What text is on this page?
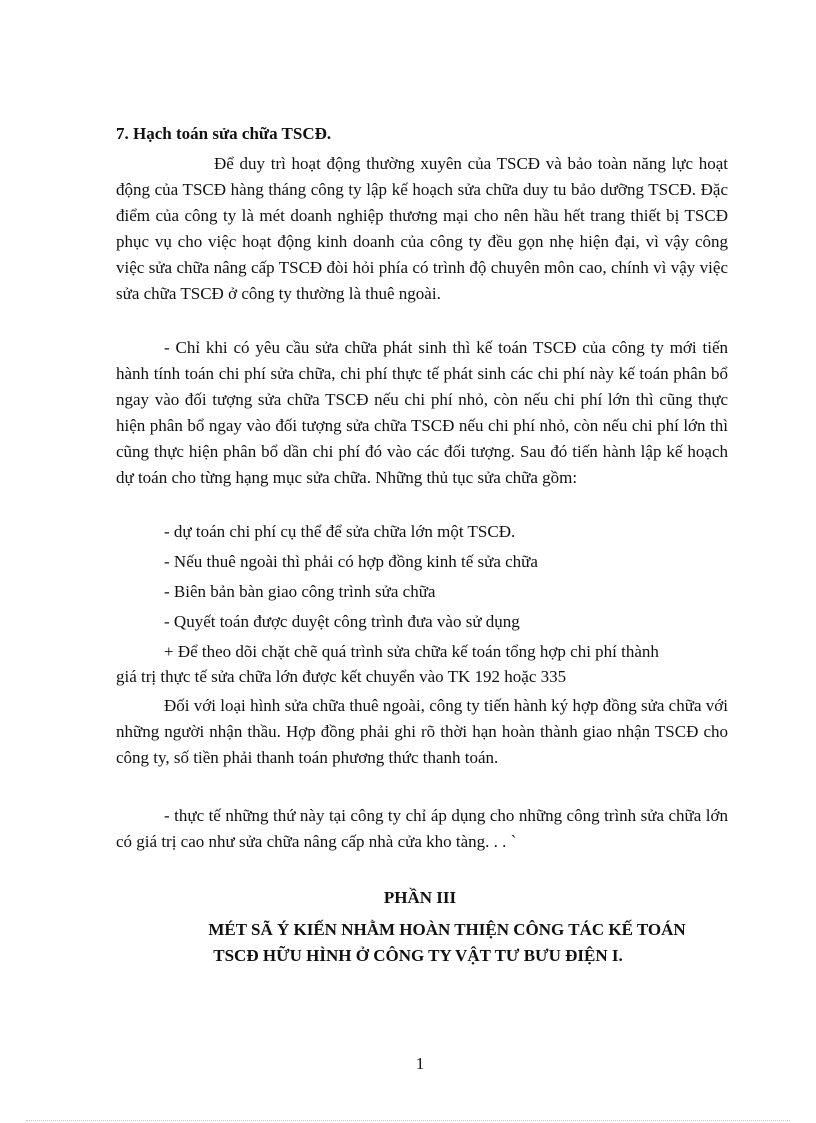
7. Hạch toán sửa chữa TSCĐ.
Để duy trì hoạt động thường xuyên của TSCĐ và bảo toàn năng lực hoạt động của TSCĐ hàng tháng công ty lập kế hoạch sửa chữa duy tu bảo dưỡng TSCĐ. Đặc điểm của công ty là mét doanh nghiệp thương mại cho nên hầu hết trang thiết bị TSCĐ phục vụ cho việc hoạt động kinh doanh của công ty đều gọn nhẹ hiện đại, vì vậy công việc sửa chữa nâng cấp TSCĐ đòi hỏi phía có trình độ chuyên môn cao, chính vì vậy việc sửa chữa TSCĐ ở công ty thường là thuê ngoài.
- Chỉ khi có yêu cầu sửa chữa phát sinh thì kế toán TSCĐ của công ty mới tiến hành tính toán chi phí sửa chữa, chi phí thực tế phát sinh các chi phí này kế toán phân bổ ngay vào đối tượng sửa chữa TSCĐ nếu chi phí nhỏ, còn nếu chi phí lớn thì cũng thực hiện phân bổ ngay vào đối tượng sửa chữa TSCĐ nếu chi phí nhỏ, còn nếu chi phí lớn thì cũng thực hiện phân bổ dần chi phí đó vào các đối tượng. Sau đó tiến hành lập kế hoạch dự toán cho từng hạng mục sửa chữa. Những thủ tục sửa chữa gồm:
- dự toán chi phí cụ thể để sửa chữa lớn một TSCĐ.
- Nếu thuê ngoài thì phải có hợp đồng kinh tế sửa chữa
- Biên bản bàn giao công trình sửa chữa
- Quyết toán được duyệt công trình đưa vào sử dụng
+ Để theo dõi chặt chẽ quá trình sửa chữa kế toán tổng hợp chi phí thành
giá trị thực tế sửa chữa lớn được kết chuyển vào TK 192 hoặc 335
Đối với loại hình sửa chữa thuê ngoài, công ty tiến hành ký hợp đồng sửa chữa với những người nhận thầu. Hợp đồng phải ghi rõ thời hạn hoàn thành giao nhận TSCĐ cho công ty, số tiền phải thanh toán phương thức thanh toán.
- thực tế những thứ này tại công ty chỉ áp dụng cho những công trình sửa chữa lớn có giá trị cao như sửa chữa nâng cấp nhà cửa kho tàng. . . `
PHẦN III
MÉT SÃ Ý KIẾN NHẰM HOÀN THIỆN CÔNG TÁC KẾ TOÁN
TSCĐ HỮU HÌNH Ở CÔNG TY VẬT TƯ BƯU ĐIỆN I.
1
